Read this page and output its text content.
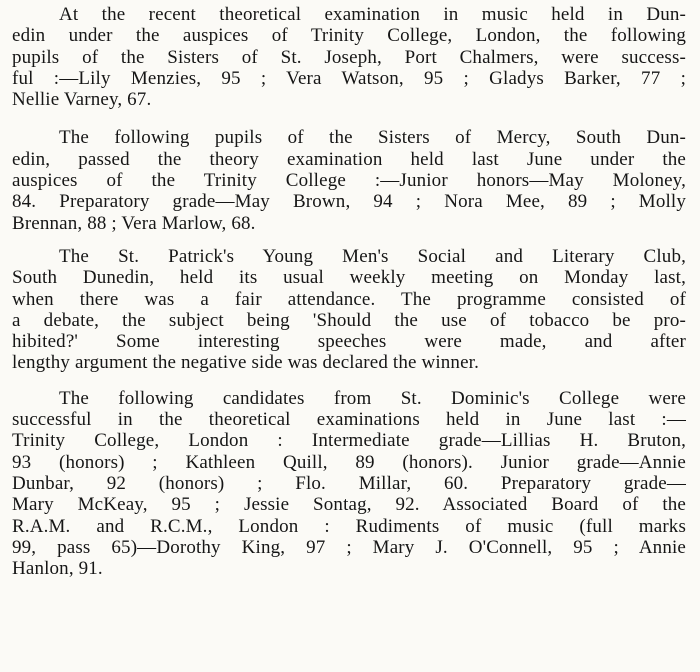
At the recent theoretical examination in music held in Dun-
edin under the auspices of Trinity College, London, the following
pupils of the Sisters of St. Joseph, Port Chalmers, were success-
ful :—Lily Menzies, 95 ; Vera Watson, 95 ; Gladys Barker, 77 ;
Nellie Varney, 67.
The following pupils of the Sisters of Mercy, South Dun-
edin, passed the theory examination held last June under the
auspices of the Trinity College :—Junior honors—May Moloney,
84. Preparatory grade—May Brown, 94 ; Nora Mee, 89 ; Molly
Brennan, 88 ; Vera Marlow, 68.
The St. Patrick's Young Men's Social and Literary Club,
South Dunedin, held its usual weekly meeting on Monday last,
when there was a fair attendance. The programme consisted of
a debate, the subject being 'Should the use of tobacco be pro-
hibited?' Some interesting speeches were made, and after
lengthy argument the negative side was declared the winner.
The following candidates from St. Dominic's College were
successful in the theoretical examinations held in June last :—
Trinity College, London : Intermediate grade—Lillias H. Bruton,
93 (honors) ; Kathleen Quill, 89 (honors). Junior grade—Annie
Dunbar, 92 (honors) ; Flo. Millar, 60. Preparatory grade—
Mary McKeay, 95 ; Jessie Sontag, 92. Associated Board of the
R.A.M. and R.C.M., London : Rudiments of music (full marks
99, pass 65)—Dorothy King, 97 ; Mary J. O'Connell, 95 ; Annie
Hanlon, 91.
